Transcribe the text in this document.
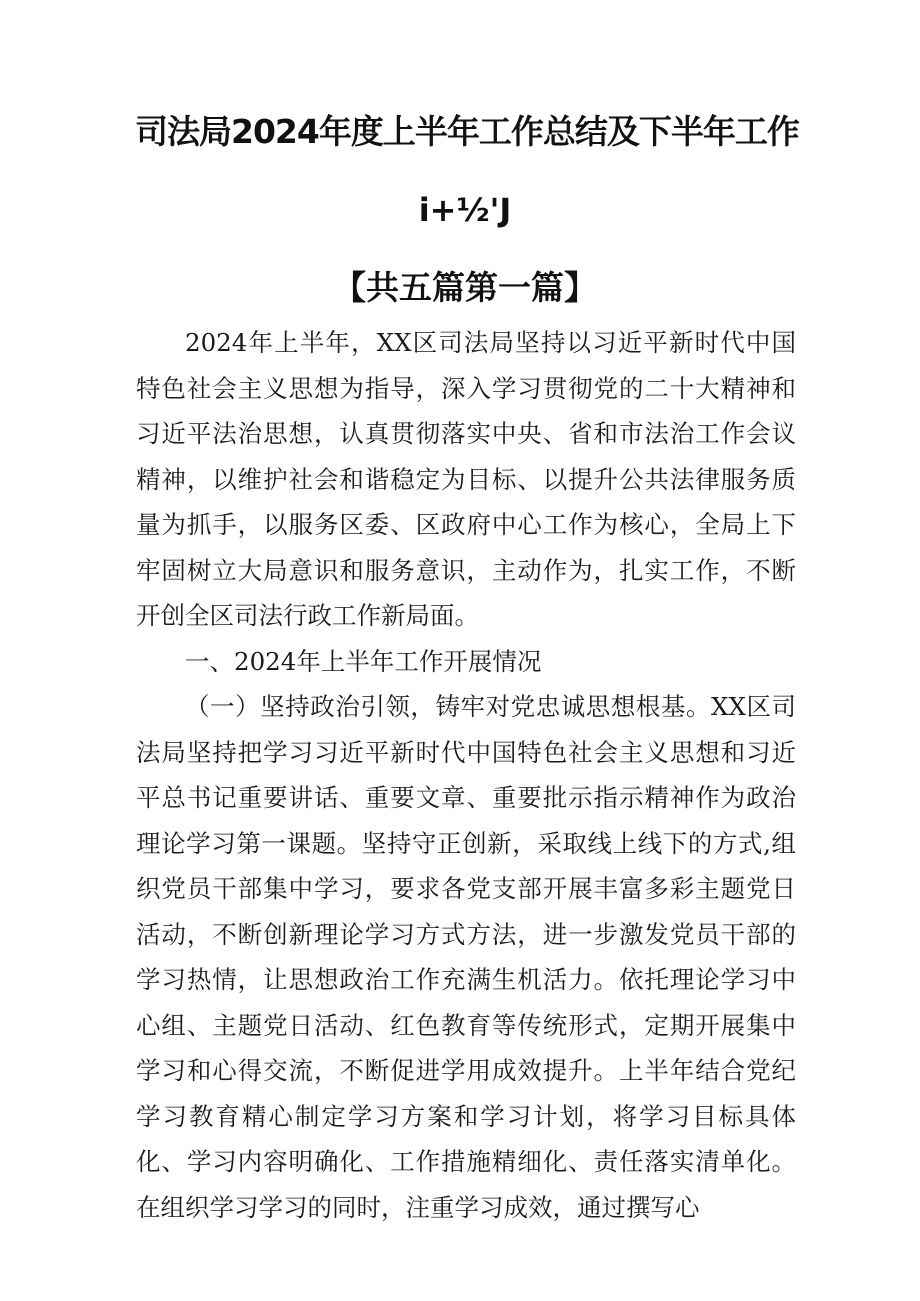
司法局2024年度上半年工作总结及下半年工作
i+½'J
【共五篇第一篇】

2024年上半年，XX区司法局坚持以习近平新时代中国特色社会主义思想为指导，深入学习贯彻党的二十大精神和习近平法治思想，认真贯彻落实中央、省和市法治工作会议精神，以维护社会和谐稳定为目标、以提升公共法律服务质量为抓手，以服务区委、区政府中心工作为核心，全局上下牢固树立大局意识和服务意识，主动作为，扎实工作，不断开创全区司法行政工作新局面。

一、2024年上半年工作开展情况

（一）坚持政治引领，铸牢对党忠诚思想根基。XX区司法局坚持把学习习近平新时代中国特色社会主义思想和习近平总书记重要讲话、重要文章、重要批示指示精神作为政治理论学习第一课题。坚持守正创新，采取线上线下的方式,组织党员干部集中学习，要求各党支部开展丰富多彩主题党日活动，不断创新理论学习方式方法，进一步激发党员干部的学习热情，让思想政治工作充满生机活力。依托理论学习中心组、主题党日活动、红色教育等传统形式，定期开展集中学习和心得交流，不断促进学用成效提升。上半年结合党纪学习教育精心制定学习方案和学习计划，将学习目标具体化、学习内容明确化、工作措施精细化、责任落实清单化。在组织学习学习的同时，注重学习成效，通过撰写心
